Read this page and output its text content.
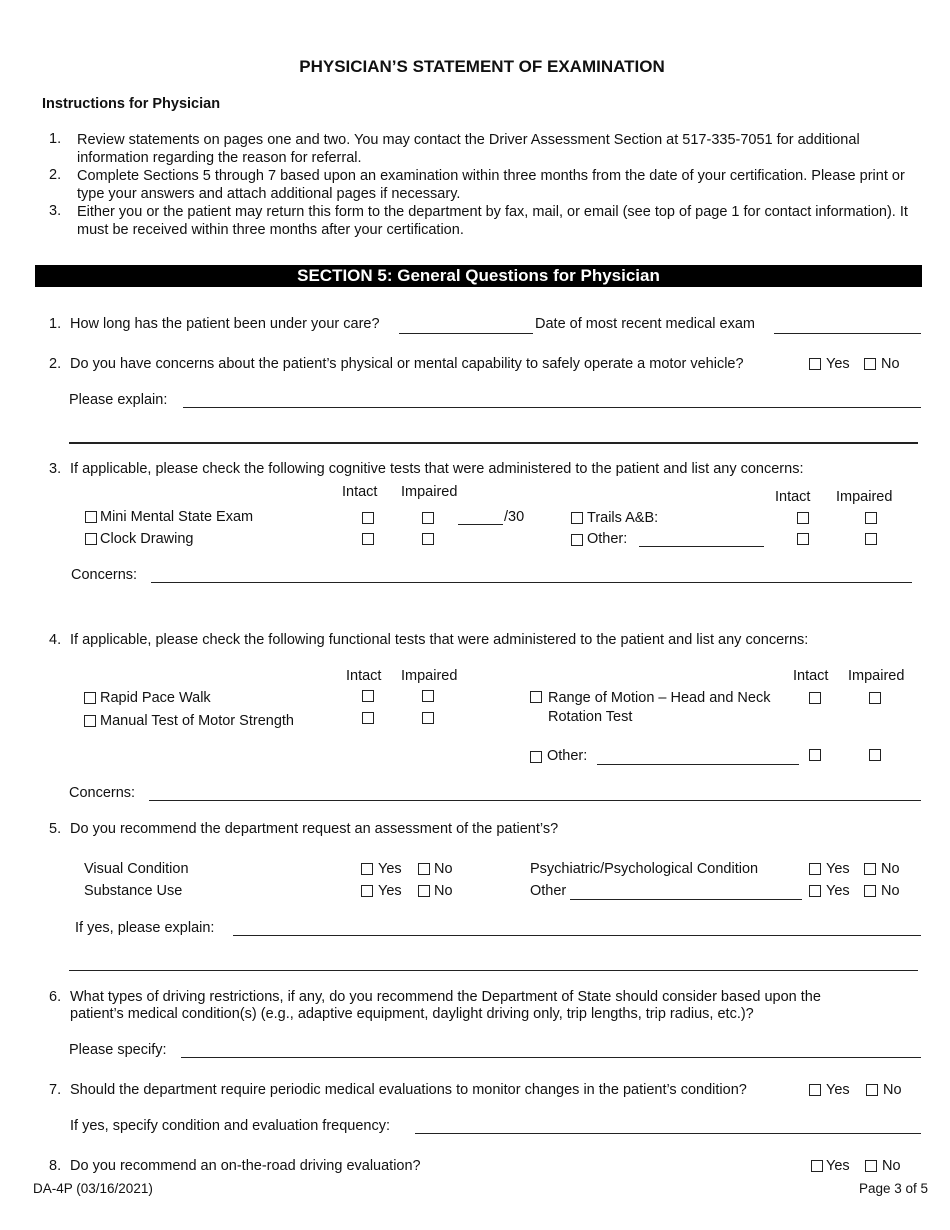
PHYSICIAN’S STATEMENT OF EXAMINATION
Instructions for Physician
1. Review statements on pages one and two. You may contact the Driver Assessment Section at 517-335-7051 for additional information regarding the reason for referral.
2. Complete Sections 5 through 7 based upon an examination within three months from the date of your certification. Please print or type your answers and attach additional pages if necessary.
3. Either you or the patient may return this form to the department by fax, mail, or email (see top of page 1 for contact information). It must be received within three months after your certification.
SECTION 5: General Questions for Physician
1. How long has the patient been under your care?	Date of most recent medical exam
2. Do you have concerns about the patient’s physical or mental capability to safely operate a motor vehicle?	Yes No
Please explain:
3. If applicable, please check the following cognitive tests that were administered to the patient and list any concerns:
Intact Impaired	Intact Impaired
Mini Mental State Exam	/30	Trails A&B:
Clock Drawing	Other:
Concerns:
4. If applicable, please check the following functional tests that were administered to the patient and list any concerns:
Intact Impaired	Intact Impaired
Rapid Pace Walk
Manual Test of Motor Strength
Range of Motion – Head and Neck
Rotation Test
Other:
Concerns:
5. Do you recommend the department request an assessment of the patient’s?
Visual Condition	Yes No
Substance Use	Yes No
Psychiatric/Psychological Condition	Yes No
Other	Yes No
If yes, please explain:
6. What types of driving restrictions, if any, do you recommend the Department of State should consider based upon the
patient’s medical condition(s) (e.g., adaptive equipment, daylight driving only, trip lengths, trip radius, etc.)?
Please specify:
7. Should the department require periodic medical evaluations to monitor changes in the patient’s condition?	Yes No
If yes, specify condition and evaluation frequency:
8. Do you recommend an on-the-road driving evaluation?	Yes No
DA-4P (03/16/2021)	Page 3 of 5
